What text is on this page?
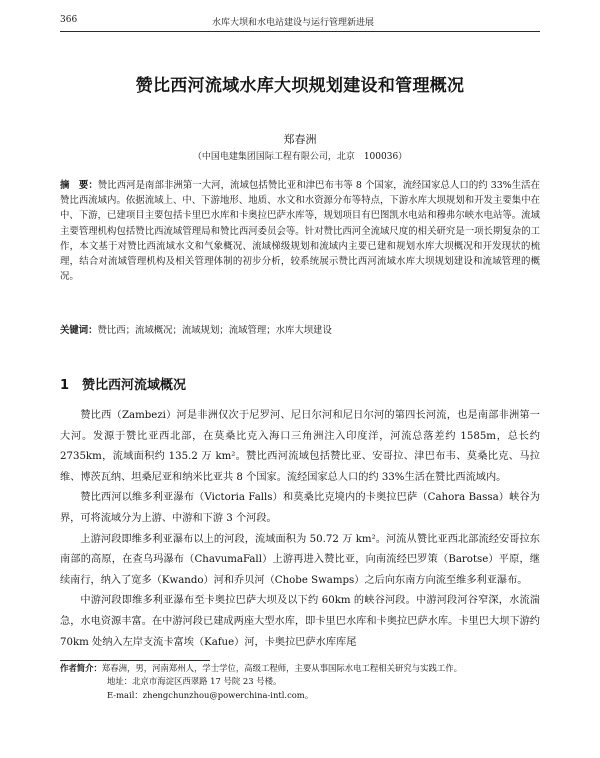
366	水库大坝和水电站建设与运行管理新进展
赞比西河流域水库大坝规划建设和管理概况
郑春洲
（中国电建集团国际工程有限公司，北京　100036）
摘　要：赞比西河是南部非洲第一大河，流域包括赞比亚和津巴布韦等 8 个国家，流经国家总人口的约 33%生活在赞比西流域内。依据流域上、中、下游地形、地质、水文和水资源分布等特点，下游水库大坝规划和开发主要集中在中、下游，已建项目主要包括卡里巴水库和卡奥拉巴萨水库等，规划项目有巴图凯水电站和穆弗尔峡水电站等。流域主要管理机构包括赞比西流域管理局和赞比西河委员会等。针对赞比西河全流域尺度的相关研究是一项长期复杂的工作，本文基于对赞比西流域水文和气象概况、流域梯级规划和流域内主要已建和规划水库大坝概况和开发现状的梳理，结合对流域管理机构及相关管理体制的初步分析，较系统展示赞比西河流域水库大坝规划建设和流域管理的概况。
关键词：赞比西；流域概况；流域规划；流域管理；水库大坝建设
1 赞比西河流域概况

赞比西（Zambezi）河是非洲仅次于尼罗河、尼日尔河和尼日尔河的第四长河流，也是南部非洲第一大河。发源于赞比亚西北部，在莫桑比克入海口三角洲注入印度洋，河流总落差约 1585m，总长约 2735km，流域面积约 135.2 万 km²。赞比西河流域包括赞比亚、安哥拉、津巴布韦、莫桑比克、马拉维、博茨瓦纳、坦桑尼亚和纳米比亚共 8 个国家。流经国家总人口的约 33%生活在赞比西流域内。

赞比西河以维多利亚瀑布（Victoria Falls）和莫桑比克境内的卡奥拉巴萨（Cahora Bassa）峡谷为界，可将流域分为上游、中游和下游 3 个河段。

上游河段即维多利亚瀑布以上的河段，流域面积为 50.72 万 km²。河流从赞比亚西北部流经安哥拉东南部的高原，在查乌玛瀑布（ChavumaFall）上游再进入赞比亚，向南流经巴罗策（Barotse）平原，继续南行，纳入了宽多（Kwando）河和乔贝河（Chobe Swamps）之后向东南方向流至维多利亚瀑布。

中游河段即维多利亚瀑布至卡奥拉巴萨大坝及以下约 60km 的峡谷河段。中游河段河谷窄深，水流湍急，水电资源丰富。在中游河段已建成两座大型水库，即卡里巴水库和卡奥拉巴萨水库。卡里巴大坝下游约 70km 处纳入左岸支流卡富埃（Kafue）河，卡奥拉巴萨水库库尾

作者简介：郑春洲，男，河南郑州人，学士学位，高级工程师，主要从事国际水电工程相关研究与实践工作。
地址：北京市海淀区西翠路 17 号院 23 号楼。
E-mail：zhengchunzhou@powerchina-intl.com。
